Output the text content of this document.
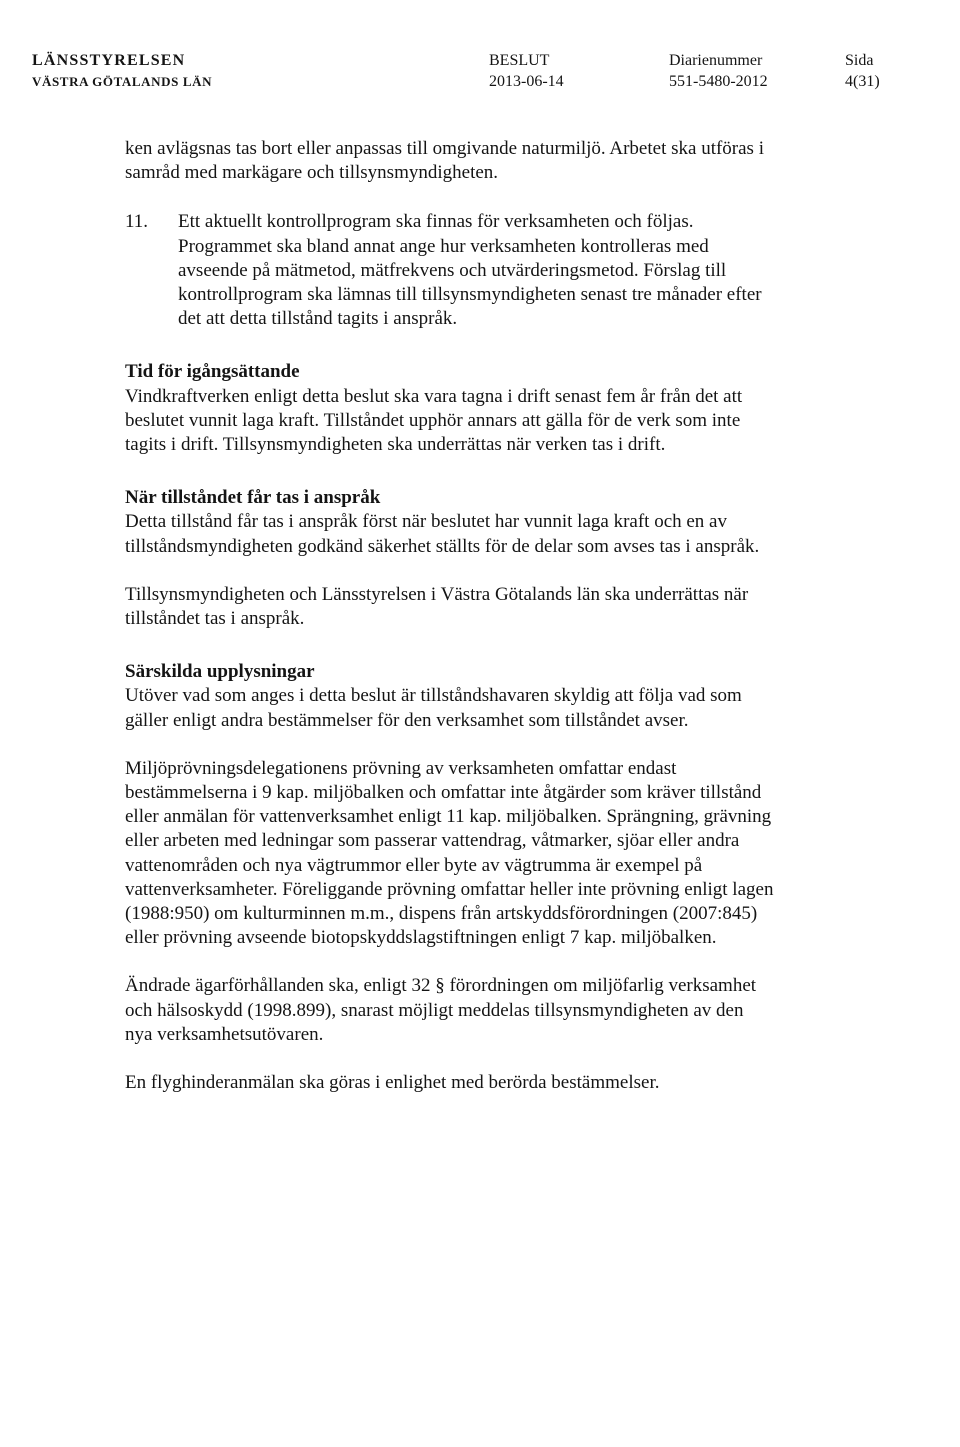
LÄNSSTYRELSEN
VÄSTRA GÖTALANDS LÄN
BESLUT
2013-06-14
Diarienummer
551-5480-2012
Sida
4(31)

ken avlägsnas tas bort eller anpassas till omgivande naturmiljö. Arbetet ska utföras i samråd med markägare och tillsynsmyndigheten.

11.	Ett aktuellt kontrollprogram ska finnas för verksamheten och följas. Programmet ska bland annat ange hur verksamheten kontrolleras med avseende på mätmetod, mätfrekvens och utvärderingsmetod. Förslag till kontrollprogram ska lämnas till tillsynsmyndigheten senast tre månader efter det att detta tillstånd tagits i anspråk.

Tid för igångsättande

Vindkraftverken enligt detta beslut ska vara tagna i drift senast fem år från det att beslutet vunnit laga kraft. Tillståndet upphör annars att gälla för de verk som inte tagits i drift. Tillsynsmyndigheten ska underrättas när verken tas i drift.

När tillståndet får tas i anspråk

Detta tillstånd får tas i anspråk först när beslutet har vunnit laga kraft och en av tillståndsmyndigheten godkänd säkerhet ställts för de delar som avses tas i anspråk.

Tillsynsmyndigheten och Länsstyrelsen i Västra Götalands län ska underrättas när tillståndet tas i anspråk.

Särskilda upplysningar

Utöver vad som anges i detta beslut är tillståndshavaren skyldig att följa vad som gäller enligt andra bestämmelser för den verksamhet som tillståndet avser.

Miljöprövningsdelegationens prövning av verksamheten omfattar endast bestämmelserna i 9 kap. miljöbalken och omfattar inte åtgärder som kräver tillstånd eller anmälan för vattenverksamhet enligt 11 kap. miljöbalken. Sprängning, grävning eller arbeten med ledningar som passerar vattendrag, våtmarker, sjöar eller andra vattenområden och nya vägtrummor eller byte av vägtrumma är exempel på vattenverksamheter. Föreliggande prövning omfattar heller inte prövning enligt lagen (1988:950) om kulturminnen m.m., dispens från artskyddsförordningen (2007:845) eller prövning avseende biotopskyddslagstiftningen enligt 7 kap. miljöbalken.

Ändrade ägarförhållanden ska, enligt 32 § förordningen om miljöfarlig verksamhet och hälsoskydd (1998.899), snarast möjligt meddelas tillsynsmyndigheten av den nya verksamhetsutövaren.

En flyghinderanmälan ska göras i enlighet med berörda bestämmelser.
